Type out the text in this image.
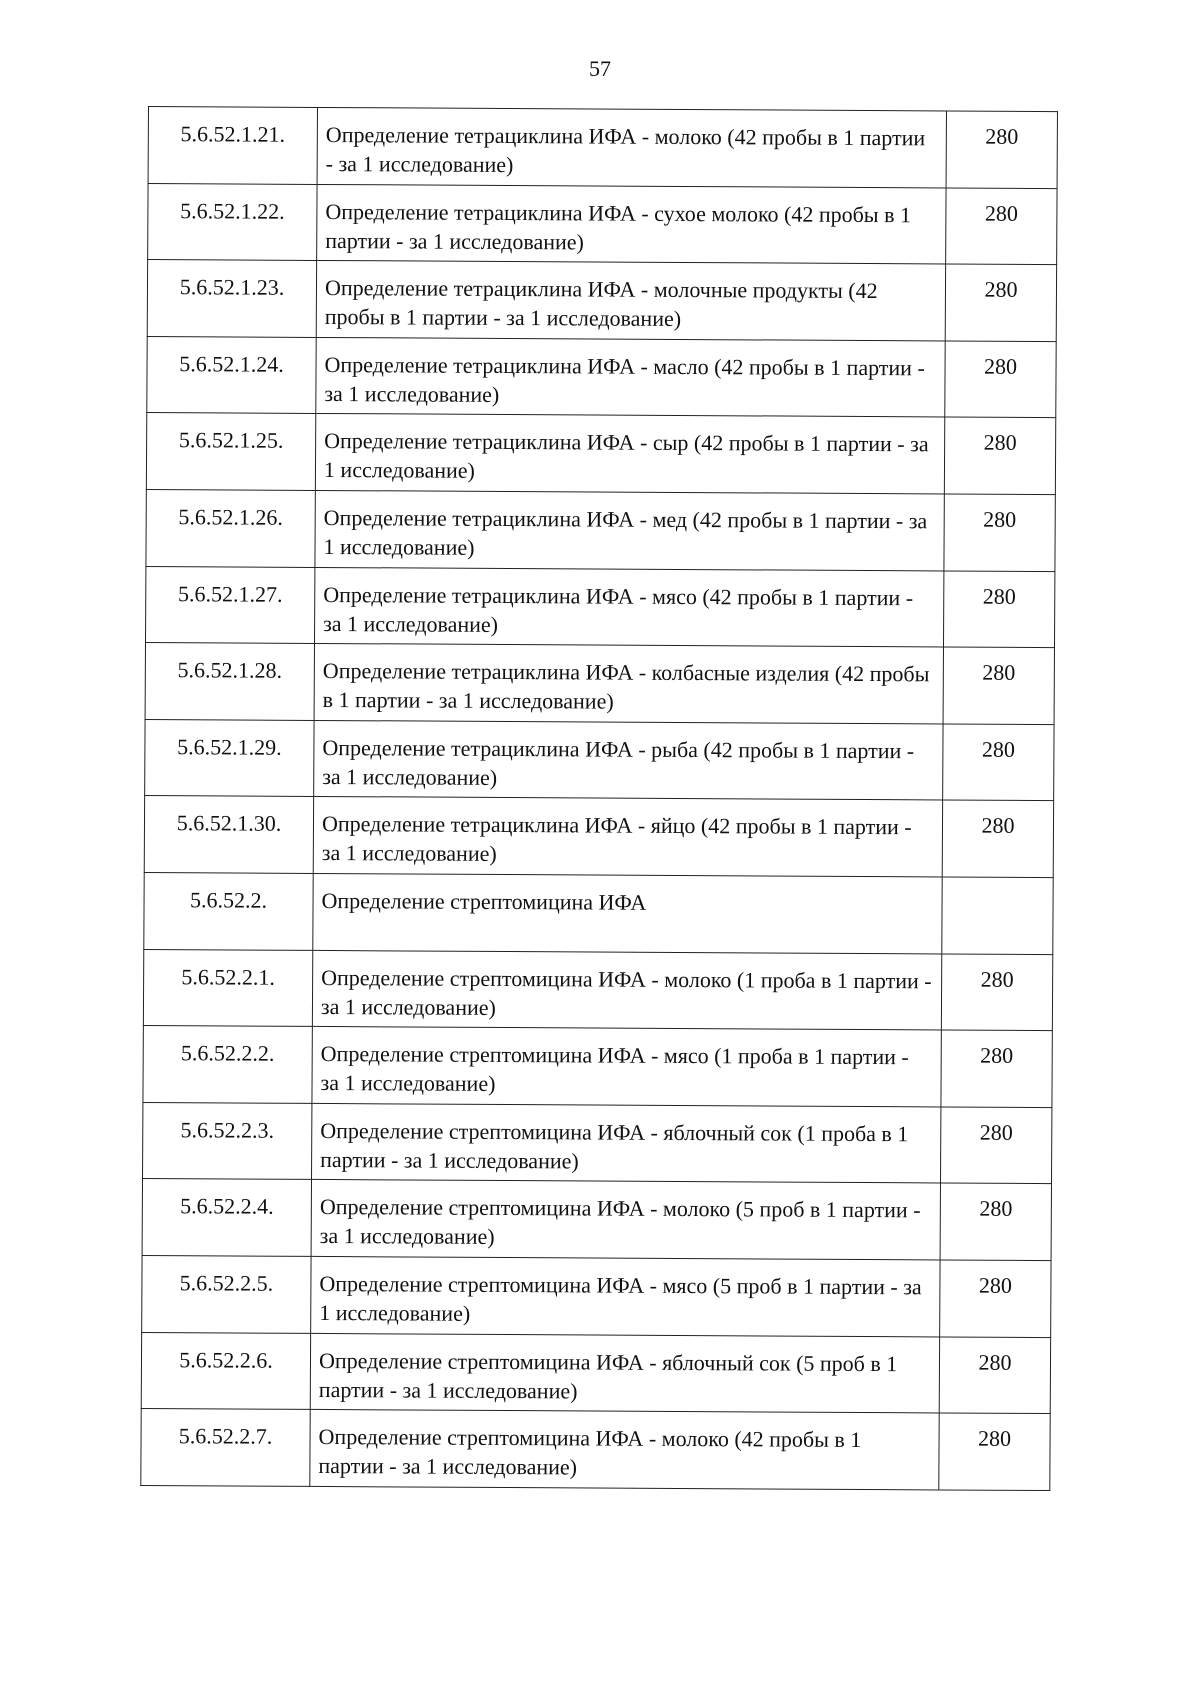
57
5.6.52.1.21.	Определение тетрациклина ИФА - молоко (42 пробы в 1 партии - за 1 исследование)	280
5.6.52.1.22.	Определение тетрациклина ИФА - сухое молоко (42 пробы в 1 партии - за 1 исследование)	280
5.6.52.1.23.	Определение тетрациклина ИФА - молочные продукты (42 пробы в 1 партии - за 1 исследование)	280
5.6.52.1.24.	Определение тетрациклина ИФА - масло (42 пробы в 1 партии - за 1 исследование)	280
5.6.52.1.25.	Определение тетрациклина ИФА - сыр (42 пробы в 1 партии - за 1 исследование)	280
5.6.52.1.26.	Определение тетрациклина ИФА - мед (42 пробы в 1 партии - за 1 исследование)	280
5.6.52.1.27.	Определение тетрациклина ИФА - мясо (42 пробы в 1 партии - за 1 исследование)	280
5.6.52.1.28.	Определение тетрациклина ИФА - колбасные изделия (42 пробы в 1 партии - за 1 исследование)	280
5.6.52.1.29.	Определение тетрациклина ИФА - рыба (42 пробы в 1 партии - за 1 исследование)	280
5.6.52.1.30.	Определение тетрациклина ИФА - яйцо (42 пробы в 1 партии - за 1 исследование)	280
5.6.52.2.	Определение стрептомицина ИФА	
5.6.52.2.1.	Определение стрептомицина ИФА - молоко (1 проба в 1 партии - за 1 исследование)	280
5.6.52.2.2.	Определение стрептомицина ИФА - мясо (1 проба в 1 партии - за 1 исследование)	280
5.6.52.2.3.	Определение стрептомицина ИФА - яблочный сок (1 проба в 1 партии - за 1 исследование)	280
5.6.52.2.4.	Определение стрептомицина ИФА - молоко (5 проб в 1 партии - за 1 исследование)	280
5.6.52.2.5.	Определение стрептомицина ИФА - мясо (5 проб в 1 партии - за 1 исследование)	280
5.6.52.2.6.	Определение стрептомицина ИФА - яблочный сок (5 проб в 1 партии - за 1 исследование)	280
5.6.52.2.7.	Определение стрептомицина ИФА - молоко (42 пробы в 1 партии - за 1 исследование)	280
